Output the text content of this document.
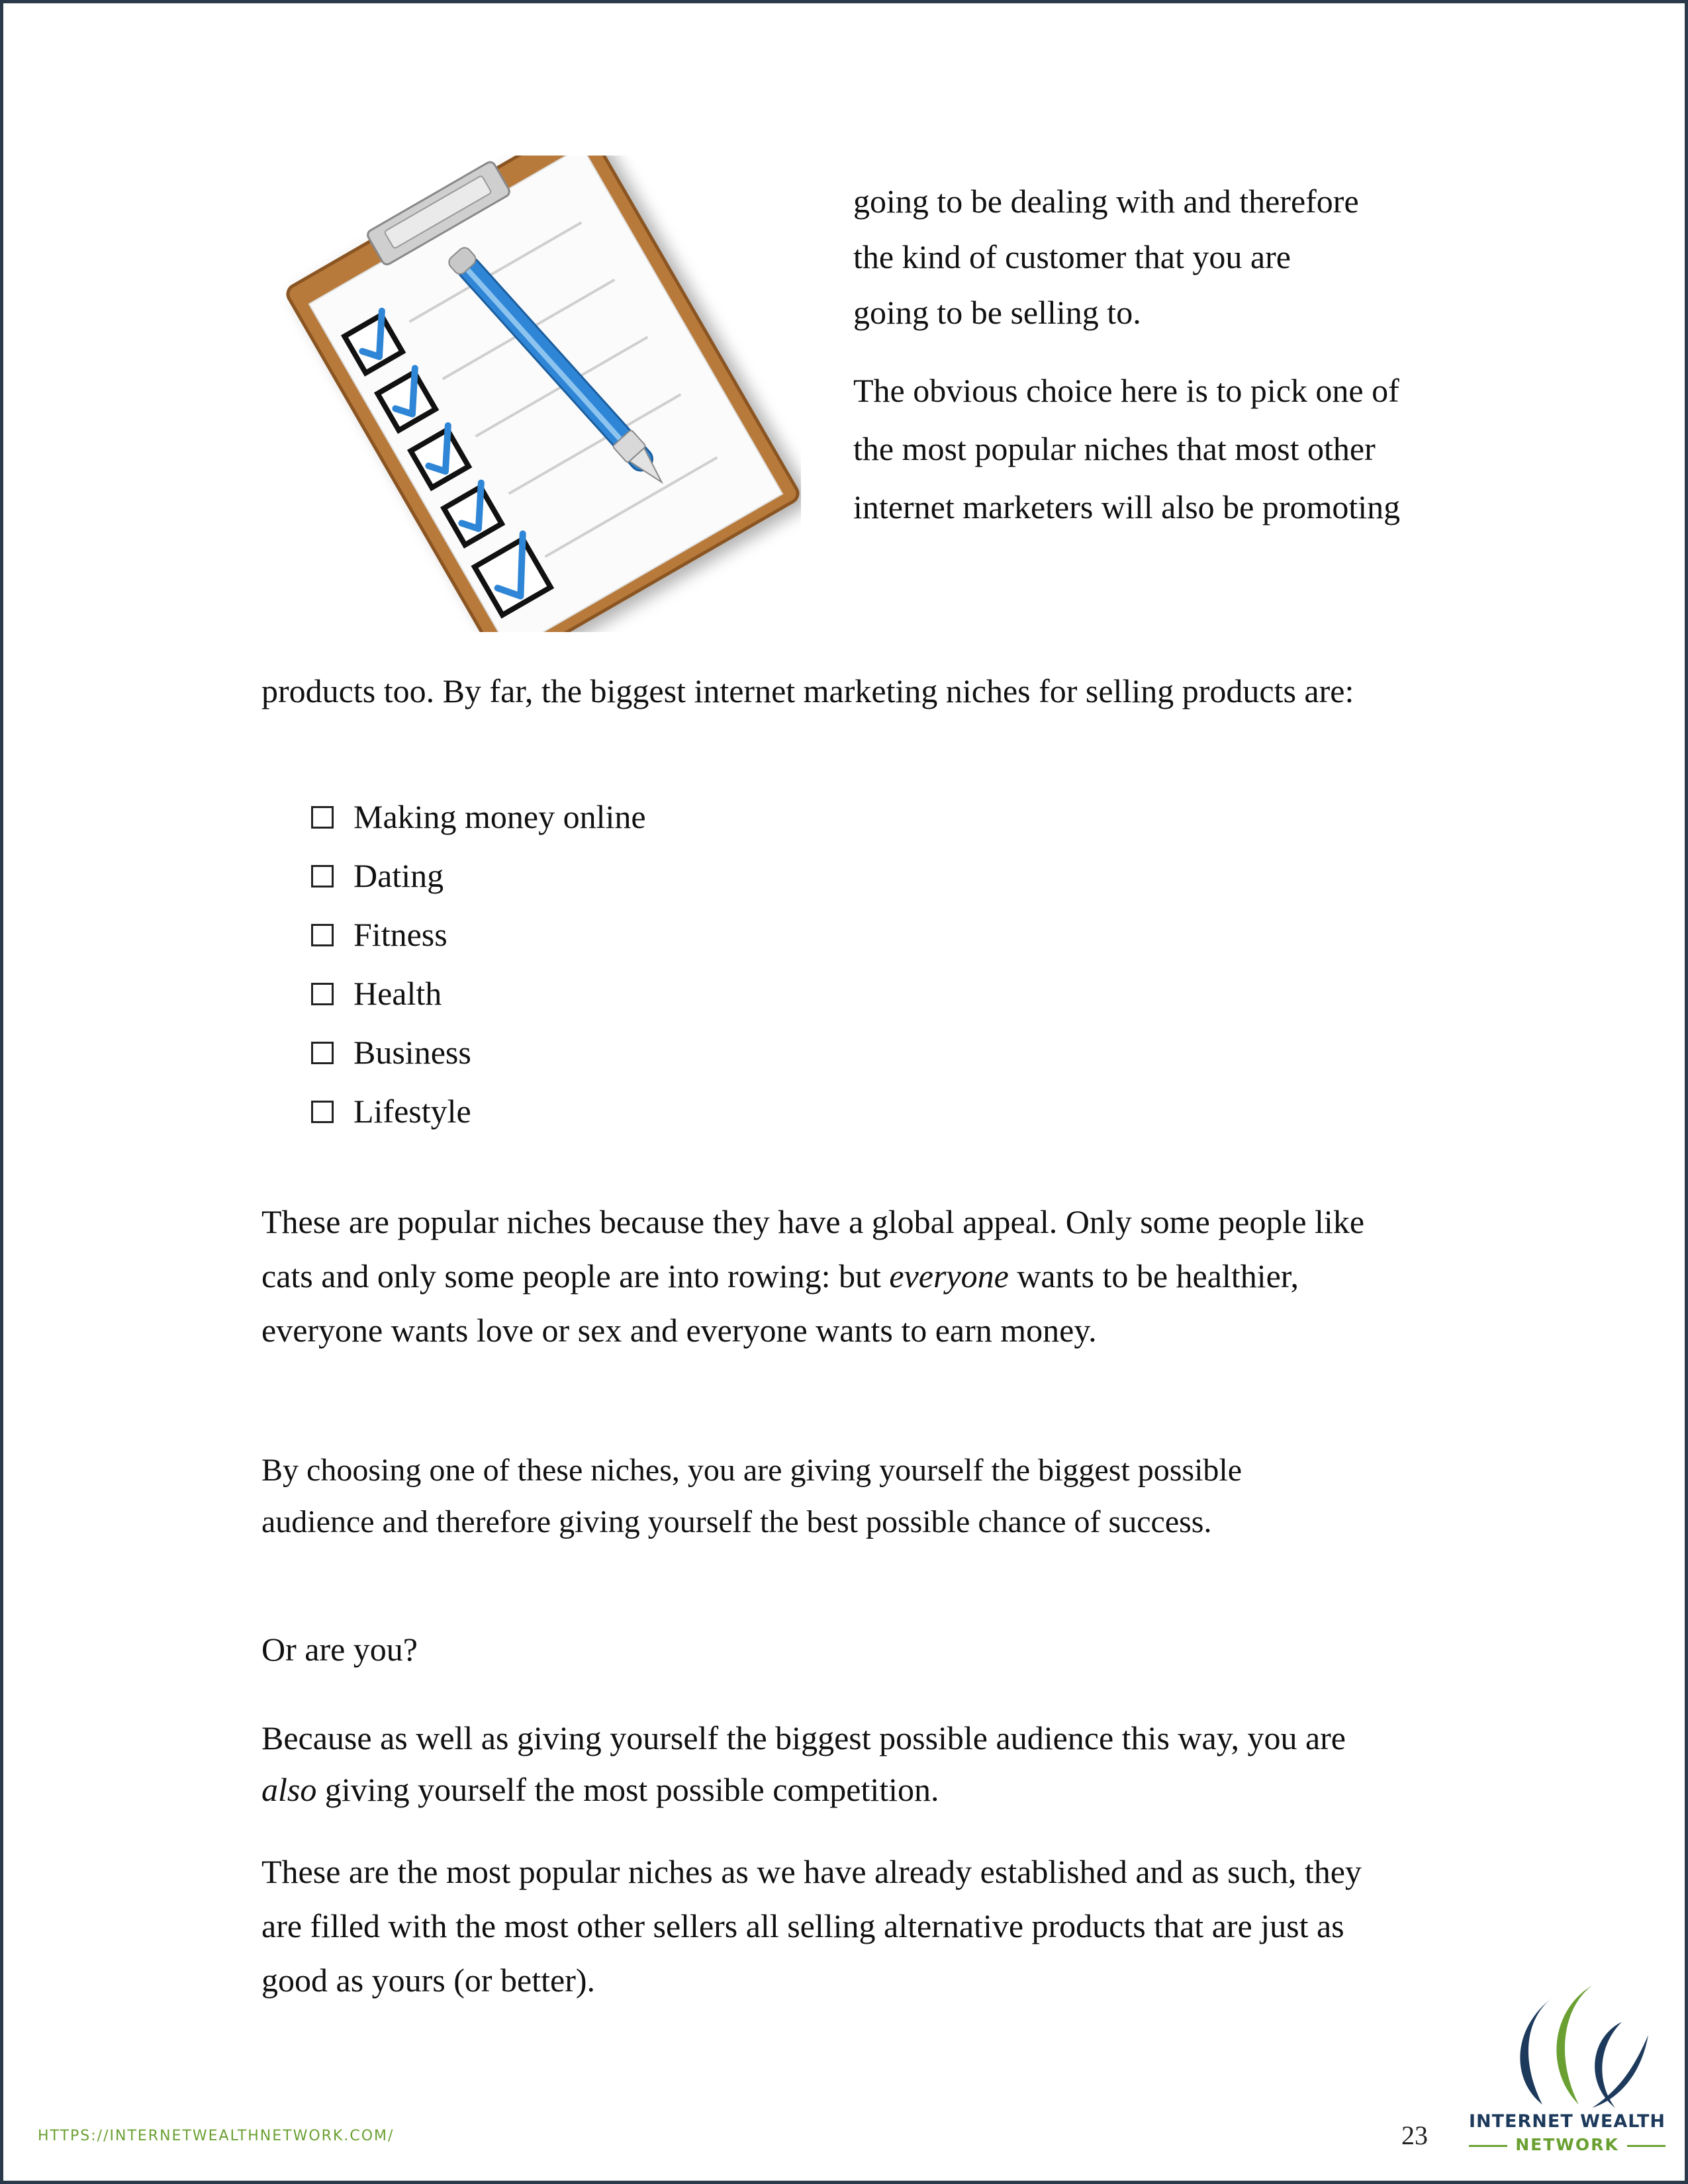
going to be dealing with and therefore

the kind of customer that you are

going to be selling to.

The obvious choice here is to pick one of

the most popular niches that most other

internet marketers will also be promoting

products too. By far, the biggest internet marketing niches for selling products are:
Making money online
Dating
Fitness
Health
Business
Lifestyle
These are popular niches because they have a global appeal. Only some people like cats and only some people are into rowing: but everyone wants to be healthier, everyone wants love or sex and everyone wants to earn money.
By choosing one of these niches, you are giving yourself the biggest possible audience and therefore giving yourself the best possible chance of success.
Or are you?
Because as well as giving yourself the biggest possible audience this way, you are also giving yourself the most possible competition.
These are the most popular niches as we have already established and as such, they are filled with the most other sellers all selling alternative products that are just as good as yours (or better).
HTTPS://INTERNETWEALTHNETWORK.COM/	23	INTERNET WEALTH
NETWORK
